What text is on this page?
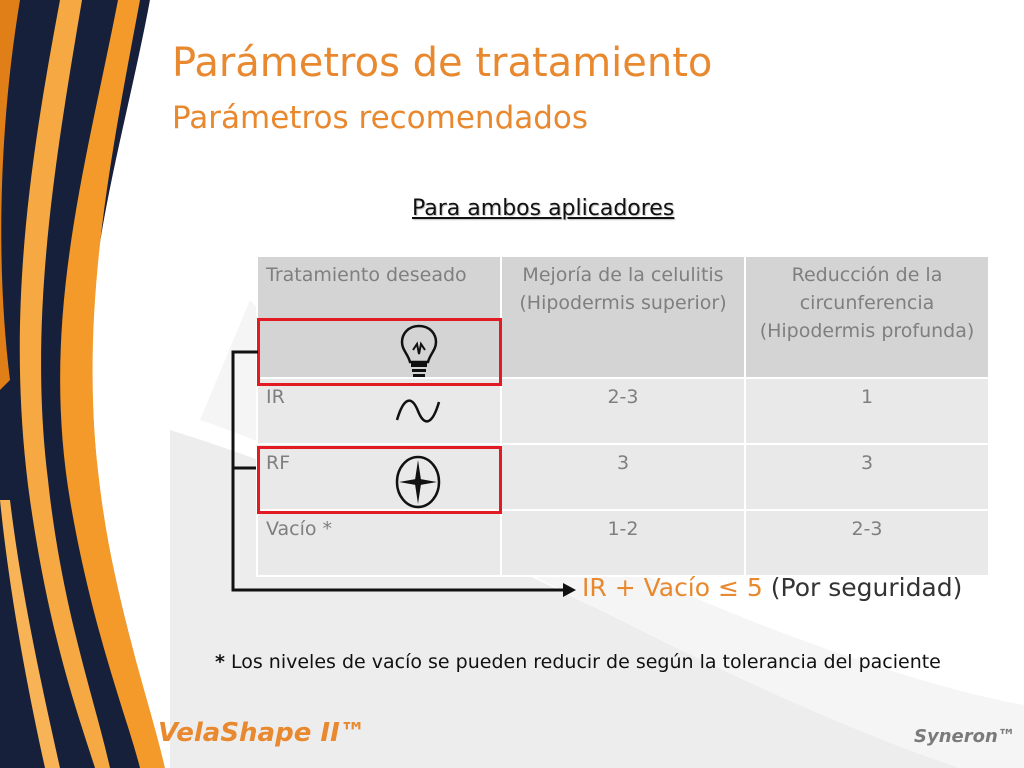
Parámetros de tratamiento
Parámetros recomendados
Para ambos aplicadores
Tratamiento deseado	Mejoría de la celulitis (Hipodermis superior)	Reducción de la circunferencia (Hipodermis profunda)
IR	2-3	1
RF	3	3
Vacío *	1-2	2-3
IR + Vacío ≤ 5 (Por seguridad)
* Los niveles de vacío se pueden reducir de según la tolerancia del paciente
VelaShape II™	Syneron™
